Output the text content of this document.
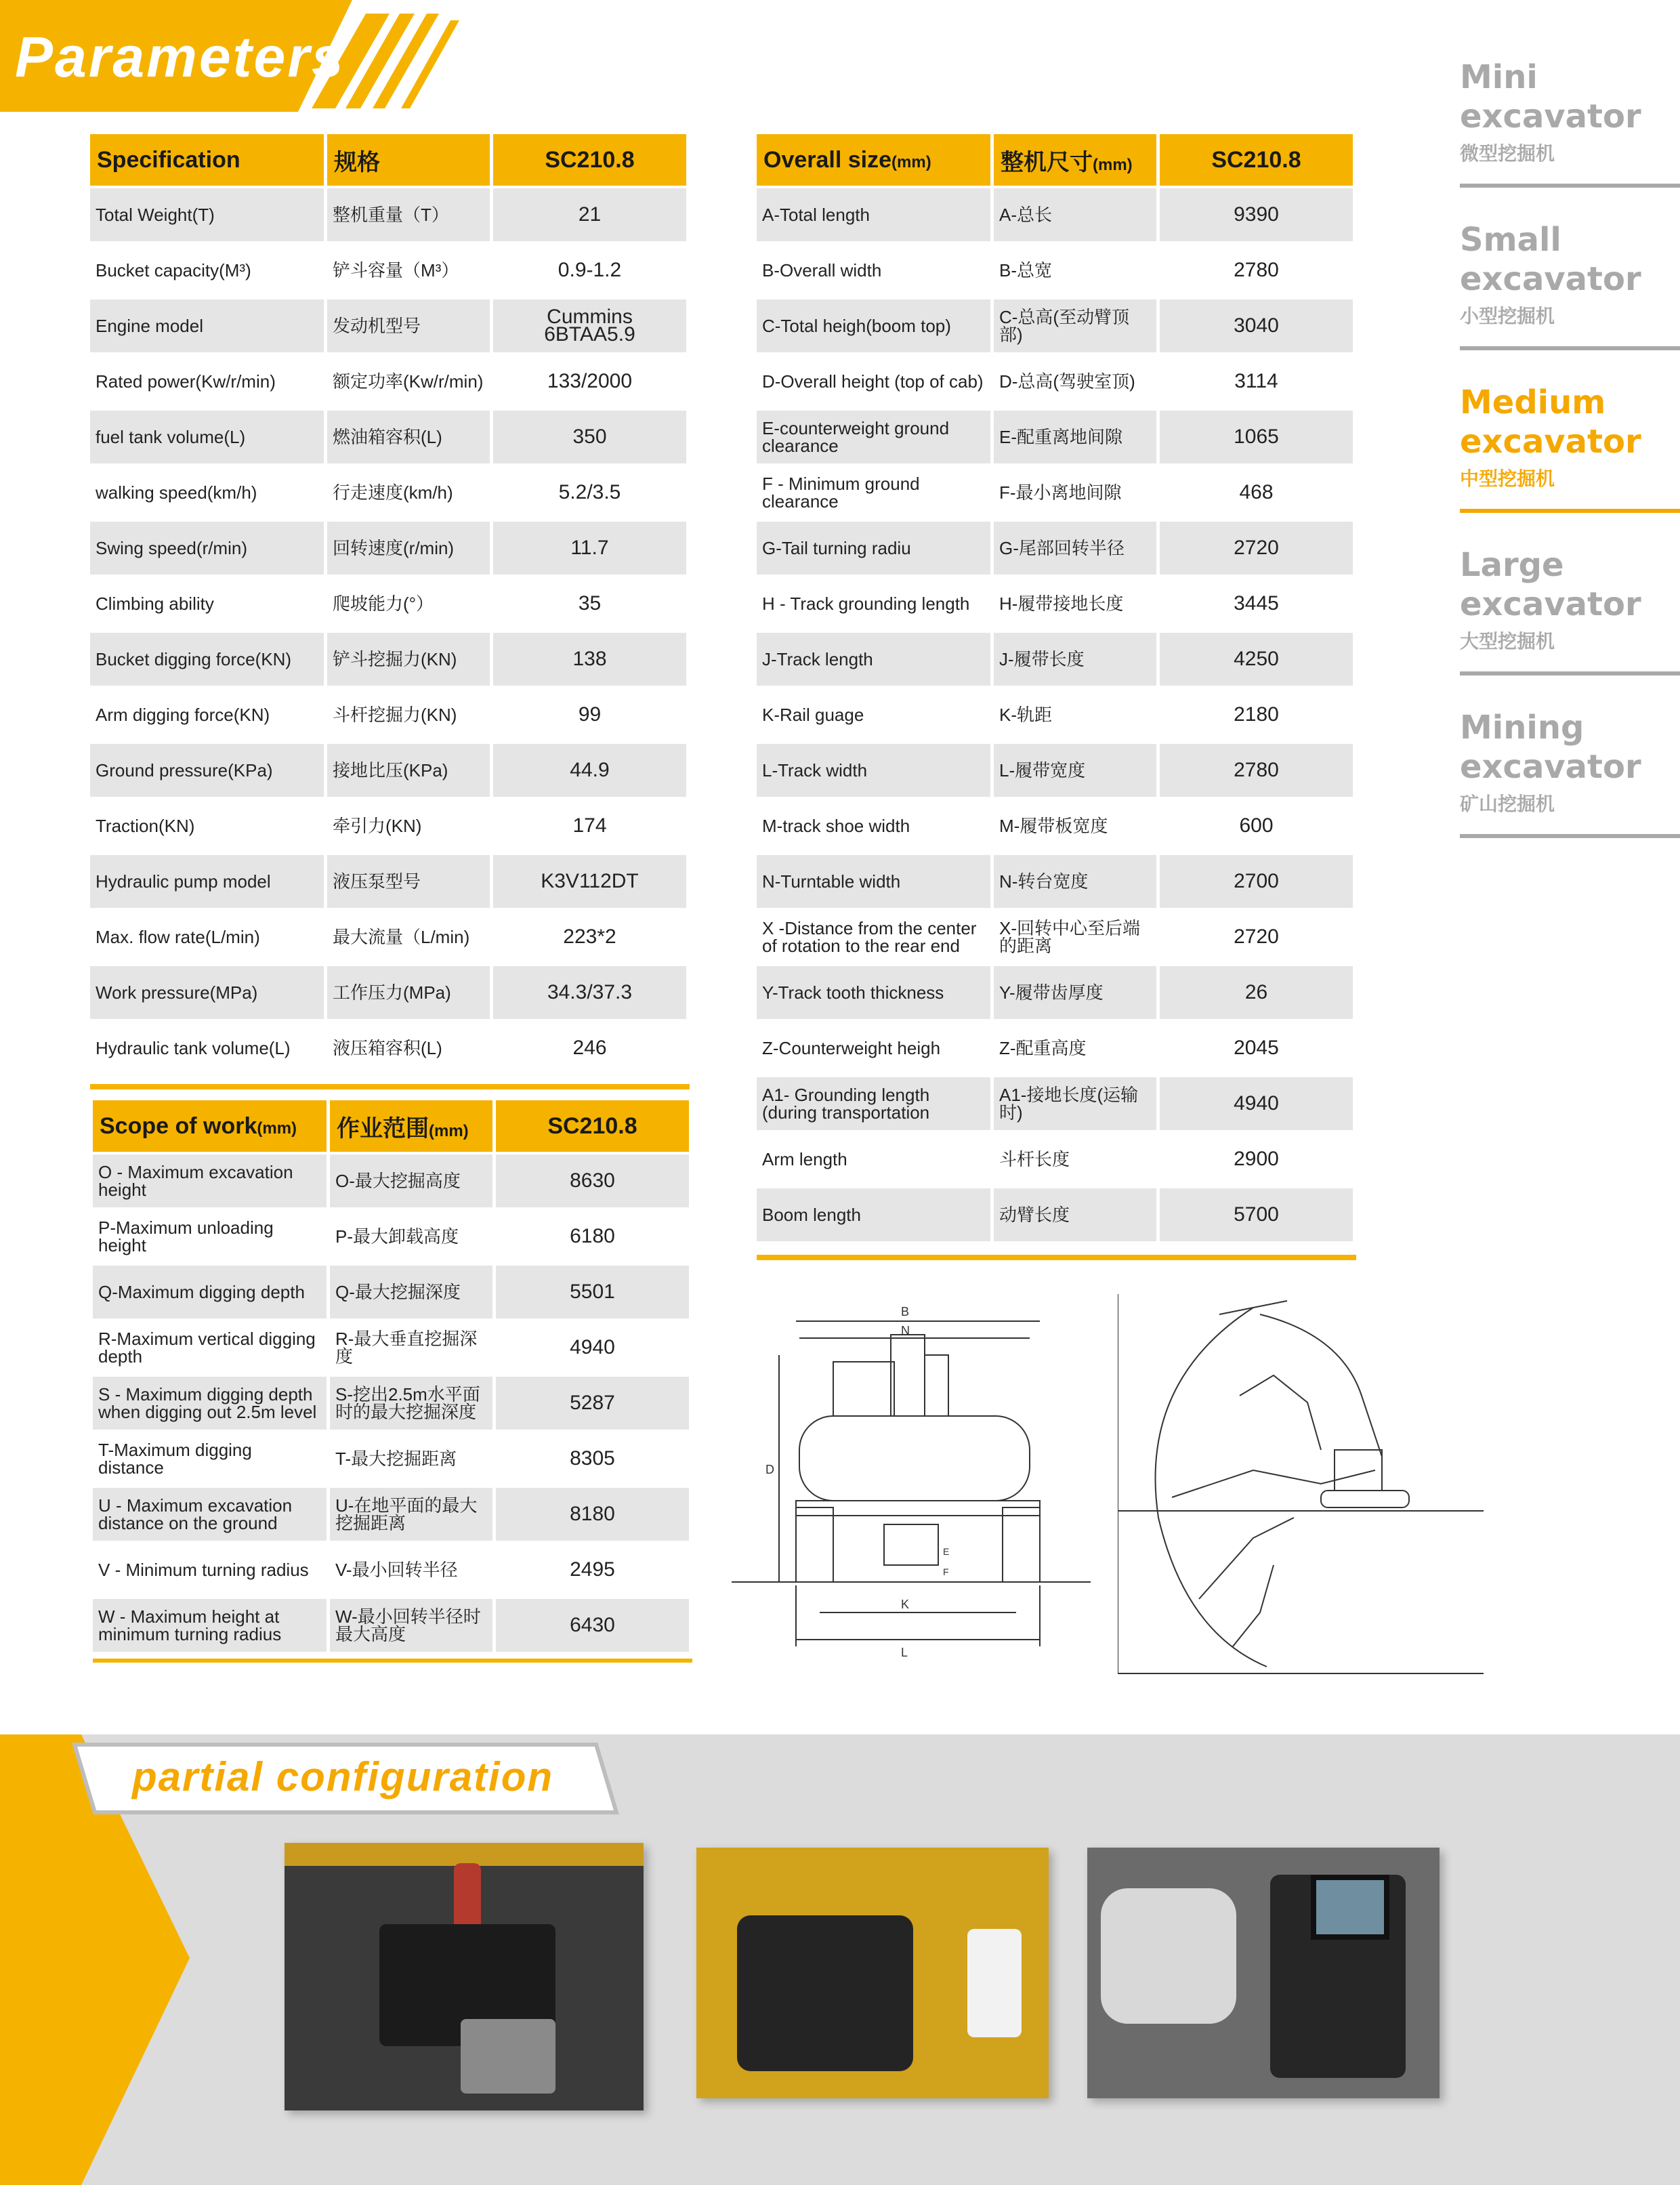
Parameters
Specification	规格	SC210.8
Total Weight(T)	整机重量（T）	21
Bucket capacity(M³)	铲斗容量（M³）	0.9-1.2
Engine model	发动机型号	Cummins 6BTAA5.9
Rated power(Kw/r/min)	额定功率(Kw/r/min)	133/2000
fuel tank volume(L)	燃油箱容积(L)	350
walking speed(km/h)	行走速度(km/h)	5.2/3.5
Swing speed(r/min)	回转速度(r/min)	11.7
Climbing ability	爬坡能力(°）	35
Bucket digging force(KN)	铲斗挖掘力(KN)	138
Arm digging force(KN)	斗杆挖掘力(KN)	99
Ground pressure(KPa)	接地比压(KPa)	44.9
Traction(KN)	牵引力(KN)	174
Hydraulic pump model	液压泵型号	K3V112DT
Max. flow rate(L/min)	最大流量（L/min)	223*2
Work pressure(MPa)	工作压力(MPa)	34.3/37.3
Hydraulic tank volume(L)	液压箱容积(L)	246
Scope of work(mm)	作业范围(mm)	SC210.8
O - Maximum excavation height	O-最大挖掘高度	8630
P-Maximum unloading height	P-最大卸载高度	6180
Q-Maximum digging depth	Q-最大挖掘深度	5501
R-Maximum vertical digging depth	R-最大垂直挖掘深度	4940
S - Maximum digging depth when digging out 2.5m level	S-挖出2.5m水平面时的最大挖掘深度	5287
T-Maximum digging distance	T-最大挖掘距离	8305
U - Maximum excavation distance on the ground	U-在地平面的最大挖掘距离	8180
V - Minimum turning radius	V-最小回转半径	2495
W - Maximum height at minimum turning radius	W-最小回转半径时最大高度	6430
Overall size(mm)	整机尺寸(mm)	SC210.8
A-Total length	A-总长	9390
B-Overall width	B-总宽	2780
C-Total heigh(boom top)	C-总高(至动臂顶部)	3040
D-Overall height (top of cab)	D-总高(驾驶室顶)	3114
E-counterweight ground clearance	E-配重离地间隙	1065
F - Minimum ground clearance	F-最小离地间隙	468
G-Tail turning radiu	G-尾部回转半径	2720
H - Track grounding length	H-履带接地长度	3445
J-Track length	J-履带长度	4250
K-Rail guage	K-轨距	2180
L-Track width	L-履带宽度	2780
M-track shoe width	M-履带板宽度	600
N-Turntable width	N-转台宽度	2700
X -Distance from the center of rotation to the rear end	X-回转中心至后端的距离	2720
Y-Track tooth thickness	Y-履带齿厚度	26
Z-Counterweight heigh	Z-配重高度	2045
A1- Grounding length (during transportation	A1-接地长度(运输时)	4940
Arm length	斗杆长度	2900
Boom length	动臂长度	5700
B
N
D
K
L
F
E
Mini
excavator
微型挖掘机
Small
excavator
小型挖掘机
Medium
excavator
中型挖掘机
Large
excavator
大型挖掘机
Mining
excavator
矿山挖掘机
partial configuration
